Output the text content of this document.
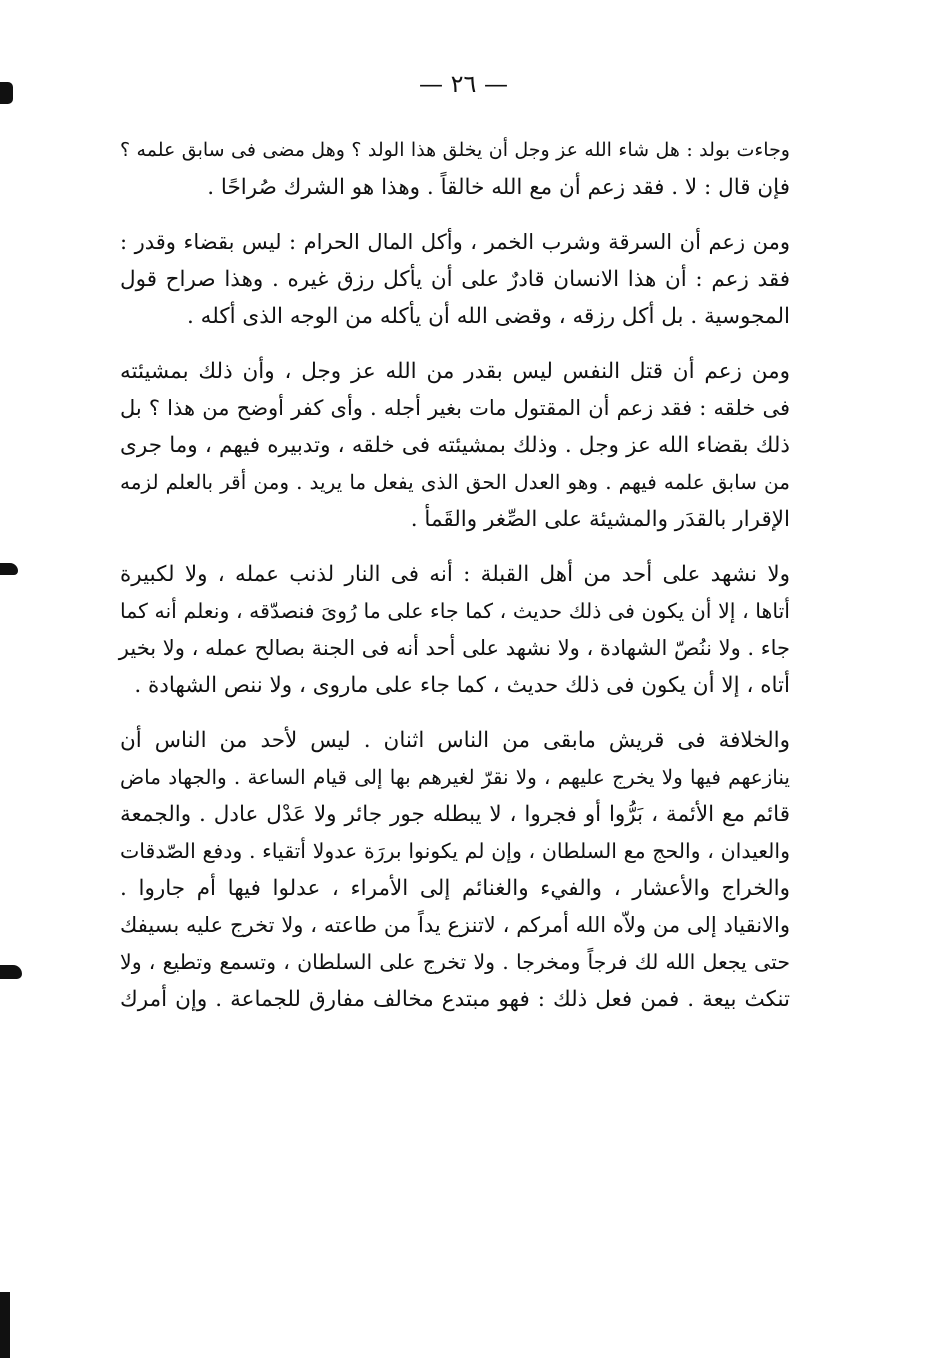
— ٢٦ —
وجاءت بولد : هل شاء الله عز وجل أن يخلق هذا الولد ؟ وهل مضى فى سابق علمه ؟
فإن قال : لا . فقد زعم أن مع الله خالقاً . وهذا هو الشرك صُراحًا .
ومن زعم أن السرقة وشرب الخمر ، وأكل المال الحرام : ليس بقضاء وقدر :
فقد زعم : أن هذا الانسان قادرٌ على أن يأكل رزق غيره . وهذا صراح قول
المجوسية . بل أكل رزقه ، وقضى الله أن يأكله من الوجه الذى أكله .
ومن زعم أن قتل النفس ليس بقدر من الله عز وجل ، وأن ذلك بمشيئته
فى خلقه : فقد زعم أن المقتول مات بغير أجله . وأى كفر أوضح من هذا ؟ بل
ذلك بقضاء الله عز وجل . وذلك بمشيئته فى خلقه ، وتدبيره فيهم ، وما جرى
من سابق علمه فيهم . وهو العدل الحق الذى يفعل ما يريد . ومن أقر بالعلم لزمه
الإقرار بالقدَر والمشيئة على الصِّغر والقَمأ .
ولا نشهد على أحد من أهل القبلة : أنه فى النار لذنب عمله ، ولا لكبيرة
أتاها ، إلا أن يكون فى ذلك حديث ، كما جاء على ما رُوىَ فنصدّقه ، ونعلم أنه كما
جاء . ولا ننُصّ الشهادة ، ولا نشهد على أحد أنه فى الجنة بصالح عمله ، ولا بخير
أتاه ، إلا أن يكون فى ذلك حديث ، كما جاء على ماروى ، ولا ننص الشهادة .
والخلافة فى قريش مابقى من الناس اثنان . ليس لأحد من الناس أن
ينازعهم فيها ولا يخرج عليهم ، ولا نقرّ لغيرهم بها إلى قيام الساعة . والجهاد ماض
قائم مع الأئمة ، بَرُّوا أو فجروا ، لا يبطله جور جائر ولا عَدْل عادل . والجمعة
والعيدان ، والحج مع السلطان ، وإن لم يكونوا بررَة عدولا أتقياء . ودفع الصّدقات
والخراج والأعشار ، والفيء والغنائم إلى الأمراء ، عدلوا فيها أم جاروا .
والانقياد إلى من ولاّه الله أمركم ، لاتنزع يداً من طاعته ، ولا تخرج عليه بسيفك
حتى يجعل الله لك فرجاً ومخرجا . ولا تخرج على السلطان ، وتسمع وتطيع ، ولا
تنكث بيعة . فمن فعل ذلك : فهو مبتدع مخالف مفارق للجماعة . وإن أمرك
